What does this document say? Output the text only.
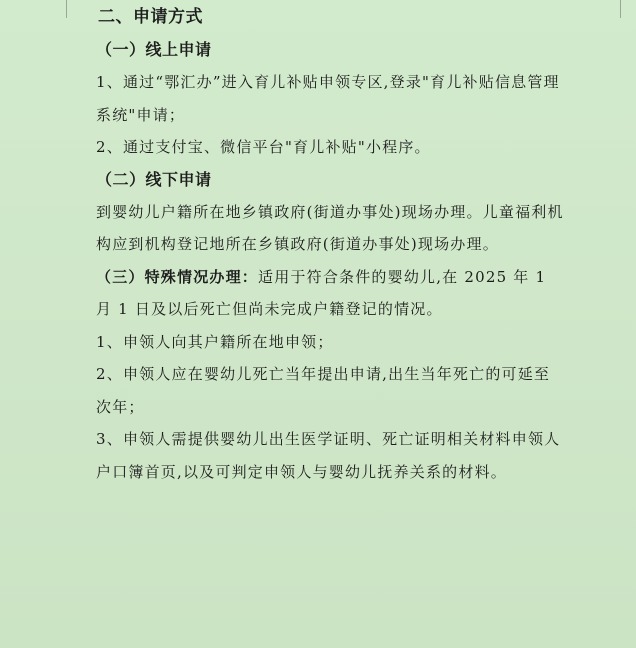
二、申请方式
（一）线上申请
1、通过“鄂汇办”进入育儿补贴申领专区,登录"育儿补贴信息管理系统"申请；
2、通过支付宝、微信平台"育儿补贴"小程序。
（二）线下申请
到婴幼儿户籍所在地乡镇政府(街道办事处)现场办理。儿童福利机构应到机构登记地所在乡镇政府(街道办事处)现场办理。
（三）特殊情况办理：适用于符合条件的婴幼儿,在 2025 年 1 月 1 日及以后死亡但尚未完成户籍登记的情况。
1、申领人向其户籍所在地申领；
2、申领人应在婴幼儿死亡当年提出申请,出生当年死亡的可延至次年；
3、申领人需提供婴幼儿出生医学证明、死亡证明相关材料申领人户口簿首页,以及可判定申领人与婴幼儿抚养关系的材料。
